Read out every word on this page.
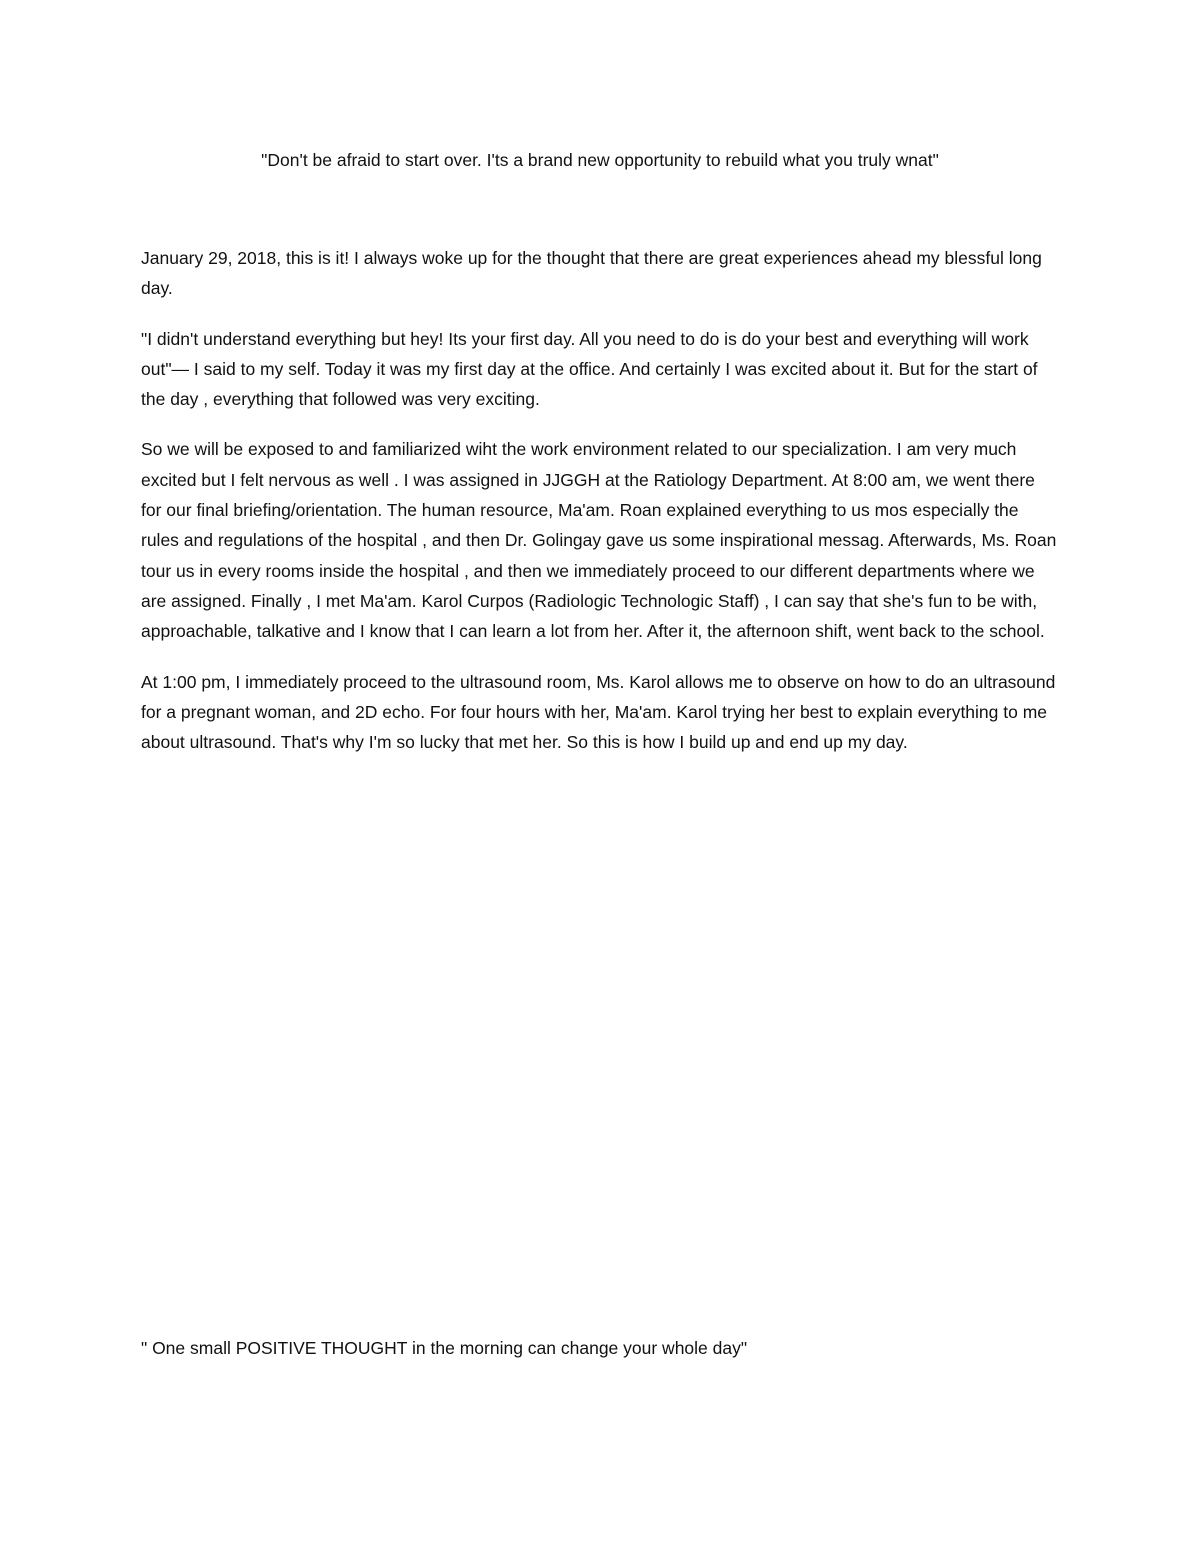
"Don't be afraid to start over. I'ts a brand new opportunity to rebuild what you truly wnat"

January 29, 2018, this is it! I always woke up for the thought that there are great experiences ahead my blessful long day.

"I didn't understand everything but hey! Its your first day. All you need to do is do your best and everything will work out"— I said to my self. Today it was my first day at the office. And certainly I was excited about it. But for the start of the day , everything that followed was very exciting.

So we will be exposed to and familiarized wiht the work environment related to our specialization. I am very much excited but I felt nervous as well . I was assigned in JJGGH at the Ratiology Department. At 8:00 am, we went there for our final briefing/orientation. The human resource, Ma'am. Roan explained everything to us mos especially the rules and regulations of the hospital , and then Dr. Golingay gave us some inspirational messag. Afterwards, Ms. Roan tour us in every rooms inside the hospital , and then we immediately proceed to our different departments where we are assigned. Finally , I met Ma'am. Karol Curpos (Radiologic Technologic Staff) , I can say that she's fun to be with, approachable, talkative and I know that I can learn a lot from her. After it, the afternoon shift, went back to the school.

At 1:00 pm, I immediately proceed to the ultrasound room, Ms. Karol allows me to observe on how to do an ultrasound for a pregnant woman, and 2D echo. For four hours with her, Ma'am. Karol trying her best to explain everything to me about ultrasound. That's why I'm so lucky that met her. So this is how I build up and end up my day.

" One small POSITIVE THOUGHT in the morning can change your whole day"
